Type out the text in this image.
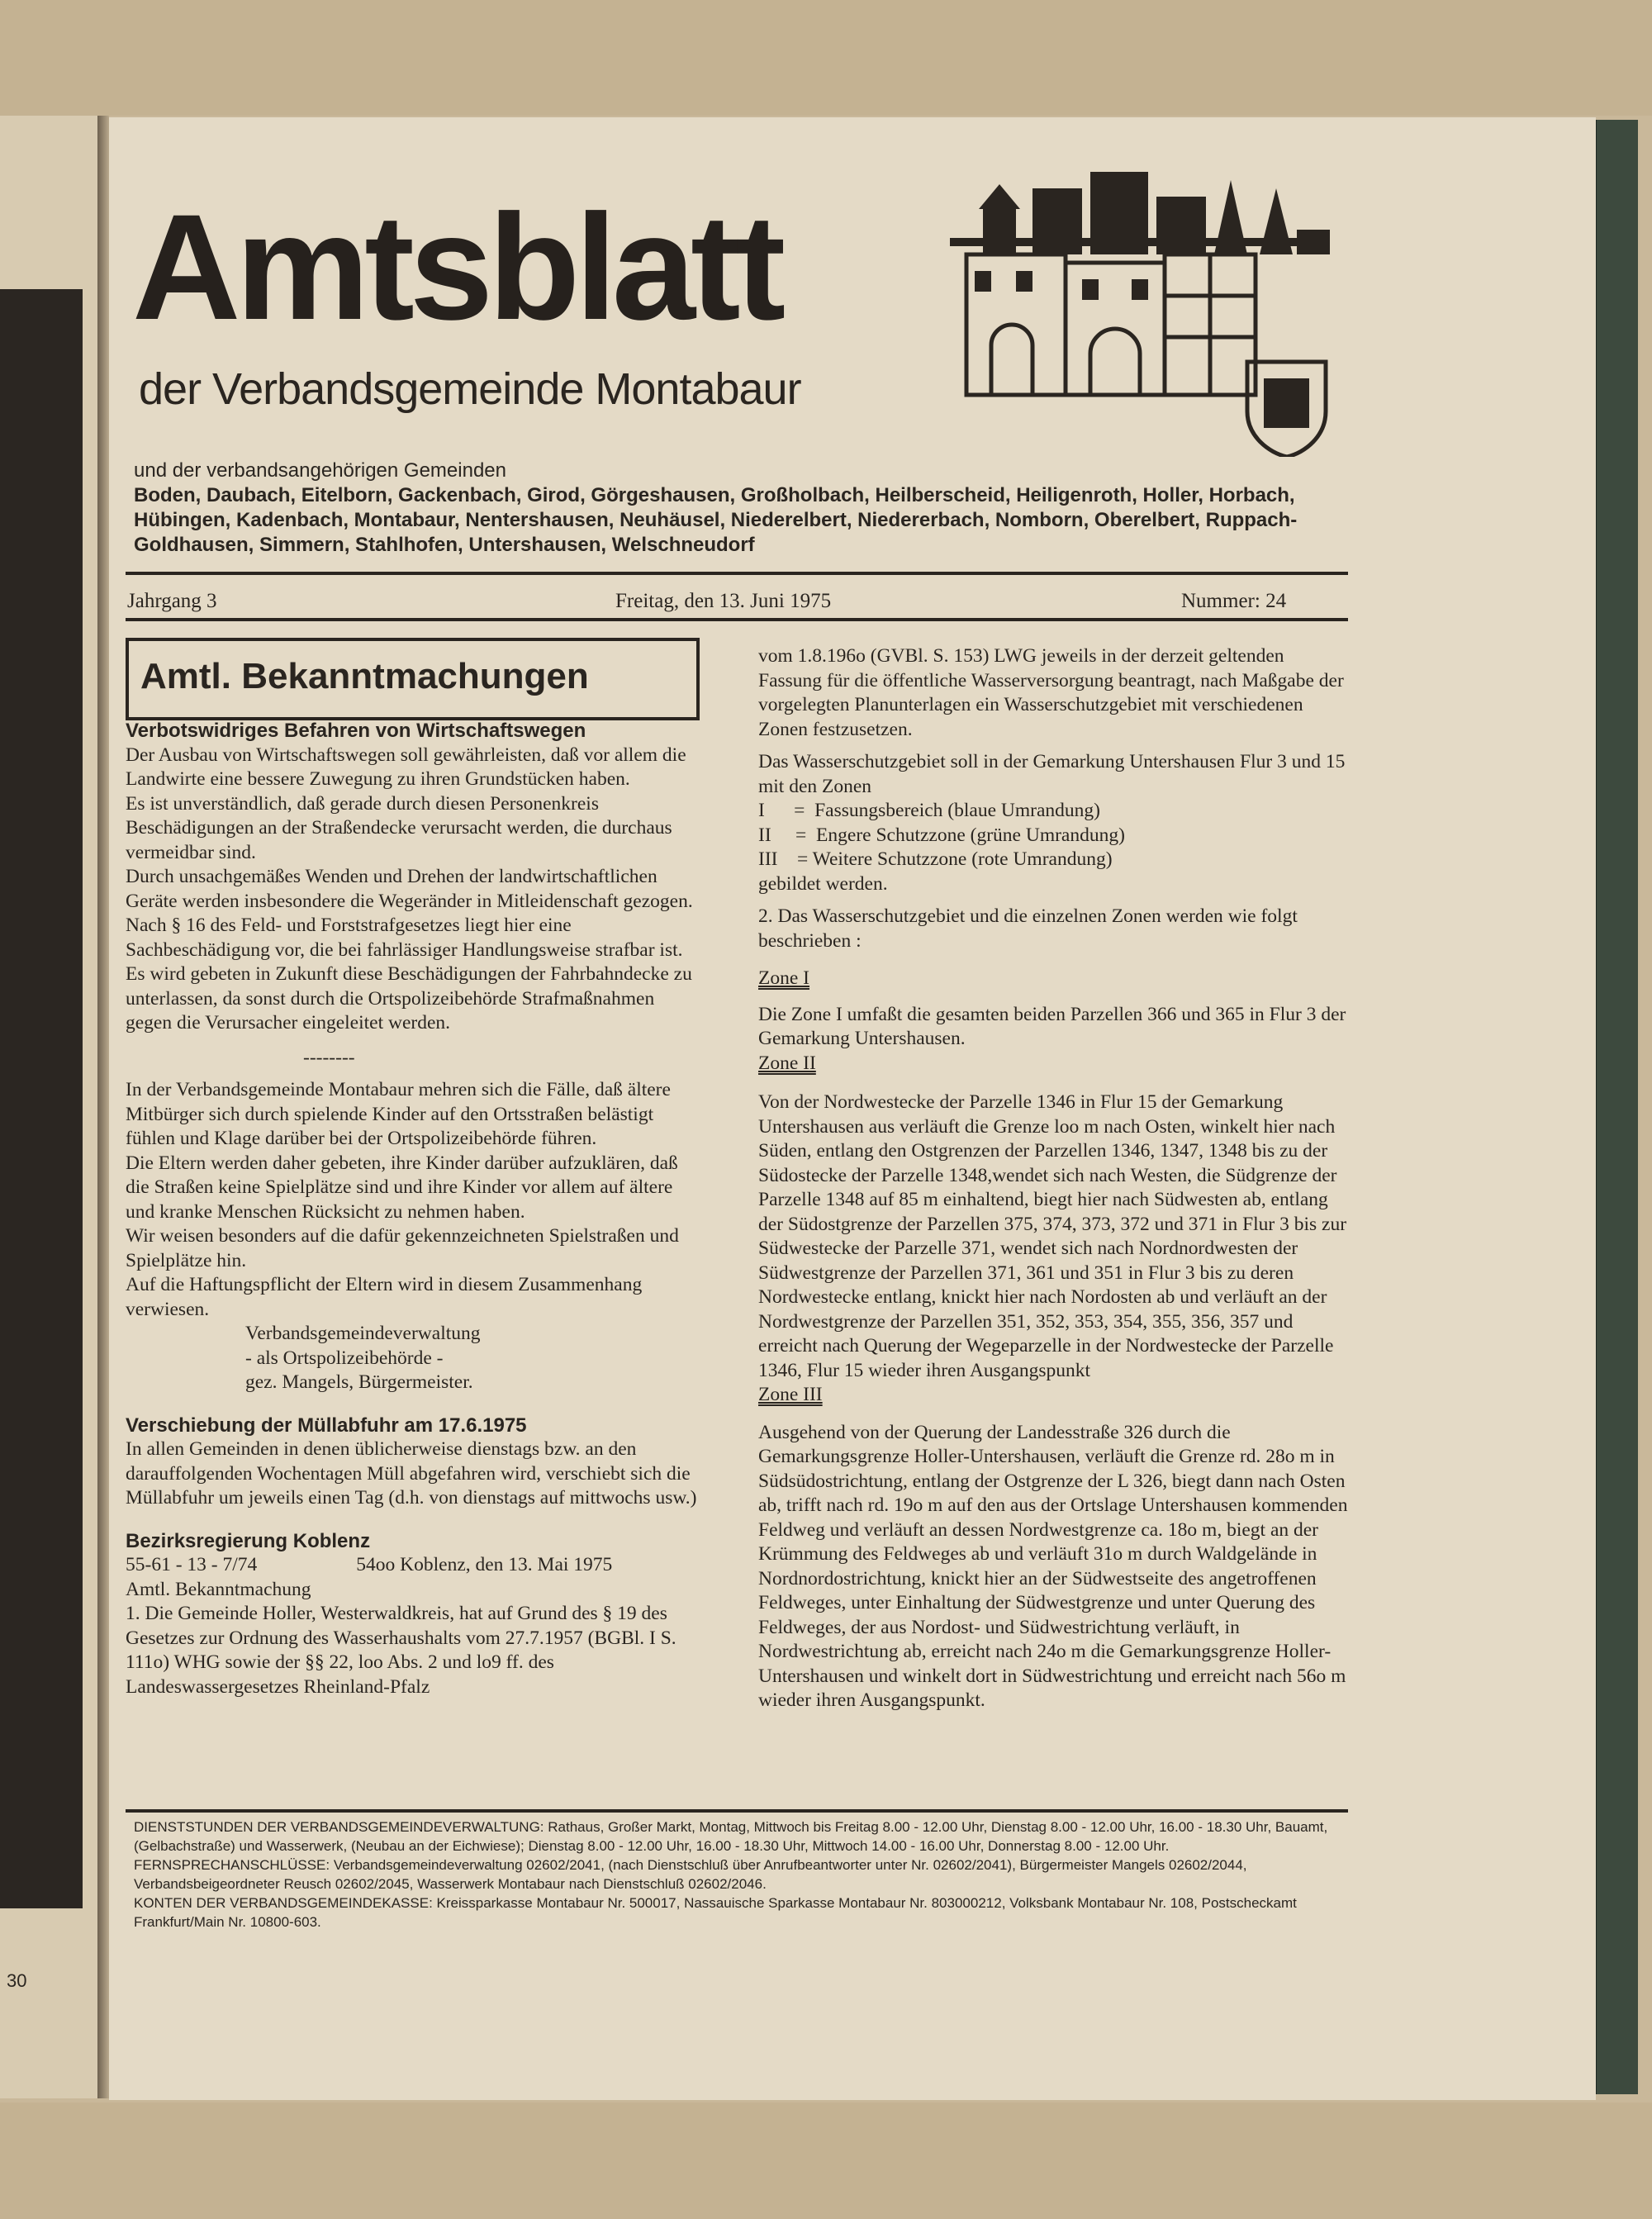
30
Amtsblatt
der Verbandsgemeinde Montabaur
und der verbandsangehörigen Gemeinden
Boden, Daubach, Eitelborn, Gackenbach, Girod, Görgeshausen, Großholbach, Heilberscheid, Heiligenroth, Holler, Horbach, Hübingen, Kadenbach, Montabaur, Nentershausen, Neuhäusel, Niederelbert, Niedererbach, Nomborn, Oberelbert, Ruppach-Goldhausen, Simmern, Stahlhofen, Untershausen, Welschneudorf
Jahrgang 3	Freitag, den 13. Juni 1975	Nummer: 24
Amtl. Bekanntmachungen

Verbotswidriges Befahren von Wirtschaftswegen

Der Ausbau von Wirtschaftswegen soll gewährleisten, daß vor allem die Landwirte eine bessere Zuwegung zu ihren Grundstücken haben.

Es ist unverständlich, daß gerade durch diesen Personenkreis Beschädigungen an der Straßendecke verursacht werden, die durchaus vermeidbar sind.

Durch unsachgemäßes Wenden und Drehen der landwirtschaftlichen Geräte werden insbesondere die Wegeränder in Mitleidenschaft gezogen.

Nach § 16 des Feld- und Forststrafgesetzes liegt hier eine Sachbeschädigung vor, die bei fahrlässiger Handlungsweise strafbar ist.

Es wird gebeten in Zukunft diese Beschädigungen der Fahrbahndecke zu unterlassen, da sonst durch die Ortspolizeibehörde Strafmaßnahmen gegen die Verursacher eingeleitet werden.

--------

In der Verbandsgemeinde Montabaur mehren sich die Fälle, daß ältere Mitbürger sich durch spielende Kinder auf den Ortsstraßen belästigt fühlen und Klage darüber bei der Ortspolizeibehörde führen.

Die Eltern werden daher gebeten, ihre Kinder darüber aufzuklären, daß die Straßen keine Spielplätze sind und ihre Kinder vor allem auf ältere und kranke Menschen Rücksicht zu nehmen haben.

Wir weisen besonders auf die dafür gekennzeichneten Spielstraßen und Spielplätze hin.

Auf die Haftungspflicht der Eltern wird in diesem Zusammenhang verwiesen.

Verbandsgemeindeverwaltung

- als Ortspolizeibehörde -

gez. Mangels, Bürgermeister.

Verschiebung der Müllabfuhr am 17.6.1975

In allen Gemeinden in denen üblicherweise dienstags bzw. an den darauffolgenden Wochentagen Müll abgefahren wird, verschiebt sich die Müllabfuhr um jeweils einen Tag (d.h. von dienstags auf mittwochs usw.)

Bezirksregierung Koblenz

55-61 - 13 - 7/74	54oo Koblenz, den 13. Mai 1975

Amtl. Bekanntmachung

1. Die Gemeinde Holler, Westerwaldkreis, hat auf Grund des § 19 des Gesetzes zur Ordnung des Wasserhaushalts vom 27.7.1957 (BGBl. I S. 111o) WHG sowie der §§ 22, loo Abs. 2 und lo9 ff. des Landeswassergesetzes Rheinland-Pfalz

vom 1.8.196o (GVBl. S. 153) LWG jeweils in der derzeit geltenden Fassung für die öffentliche Wasserversorgung beantragt, nach Maßgabe der vorgelegten Planunterlagen ein Wasserschutzgebiet mit verschiedenen Zonen festzusetzen.

Das Wasserschutzgebiet soll in der Gemarkung Untershausen Flur 3 und 15 mit den Zonen

I      =  Fassungsbereich (blaue Umrandung)

II     =  Engere Schutzzone (grüne Umrandung)

III    = Weitere Schutzzone (rote Umrandung)

gebildet werden.

2. Das Wasserschutzgebiet und die einzelnen Zonen werden wie folgt beschrieben :

Zone I

Die Zone I umfaßt die gesamten beiden Parzellen 366 und 365 in Flur 3 der Gemarkung Untershausen.

Zone II

Von der Nordwestecke der Parzelle 1346 in Flur 15 der Gemarkung Untershausen aus verläuft die Grenze loo m nach Osten, winkelt hier nach Süden, entlang den Ostgrenzen der Parzellen 1346, 1347, 1348 bis zu der Südostecke der Parzelle 1348,wendet sich nach Westen, die Südgrenze der Parzelle 1348 auf 85 m einhaltend, biegt hier nach Südwesten ab, entlang der Südostgrenze der Parzellen 375, 374, 373, 372 und 371 in Flur 3 bis zur Südwestecke der Parzelle 371, wendet sich nach Nordnordwesten der Südwestgrenze der Parzellen 371, 361 und 351 in Flur 3 bis zu deren Nordwestecke entlang, knickt hier nach Nordosten ab und verläuft an der Nordwestgrenze der Parzellen 351, 352, 353, 354, 355, 356, 357 und erreicht nach Querung der Wegeparzelle in der Nordwestecke der Parzelle 1346, Flur 15 wieder ihren Ausgangspunkt

Zone III

Ausgehend von der Querung der Landesstraße 326 durch die Gemarkungsgrenze Holler-Untershausen, verläuft die Grenze rd. 28o m in Südsüdostrichtung, entlang der Ostgrenze der L 326, biegt dann nach Osten ab, trifft nach rd. 19o m auf den aus der Ortslage Untershausen kommenden Feldweg und verläuft an dessen Nordwestgrenze ca. 18o m, biegt an der Krümmung des Feldweges ab und verläuft 31o m durch Waldgelände in Nordnordostrichtung, knickt hier an der Südwestseite des angetroffenen Feldweges, unter Einhaltung der Südwestgrenze und unter Querung des Feldweges, der aus Nordost- und Südwestrichtung verläuft, in Nordwestrichtung ab, erreicht nach 24o m die Gemarkungsgrenze Holler-Untershausen und winkelt dort in Südwestrichtung und erreicht nach 56o m wieder ihren Ausgangspunkt.

DIENSTSTUNDEN DER VERBANDSGEMEINDEVERWALTUNG: Rathaus, Großer Markt, Montag, Mittwoch bis Freitag 8.00 - 12.00 Uhr, Dienstag 8.00 - 12.00 Uhr, 16.00 - 18.30 Uhr, Bauamt, (Gelbachstraße) und Wasserwerk, (Neubau an der Eichwiese); Dienstag 8.00 - 12.00 Uhr, 16.00 - 18.30 Uhr, Mittwoch 14.00 - 16.00 Uhr, Donnerstag 8.00 - 12.00 Uhr.

FERNSPRECHANSCHLÜSSE: Verbandsgemeindeverwaltung 02602/2041, (nach Dienstschluß über Anrufbeantworter unter Nr. 02602/2041), Bürgermeister Mangels 02602/2044, Verbandsbeigeordneter Reusch 02602/2045, Wasserwerk Montabaur nach Dienstschluß 02602/2046.

KONTEN DER VERBANDSGEMEINDEKASSE: Kreissparkasse Montabaur Nr. 500017, Nassauische Sparkasse Montabaur Nr. 803000212, Volksbank Montabaur Nr. 108, Postscheckamt Frankfurt/Main Nr. 10800-603.
